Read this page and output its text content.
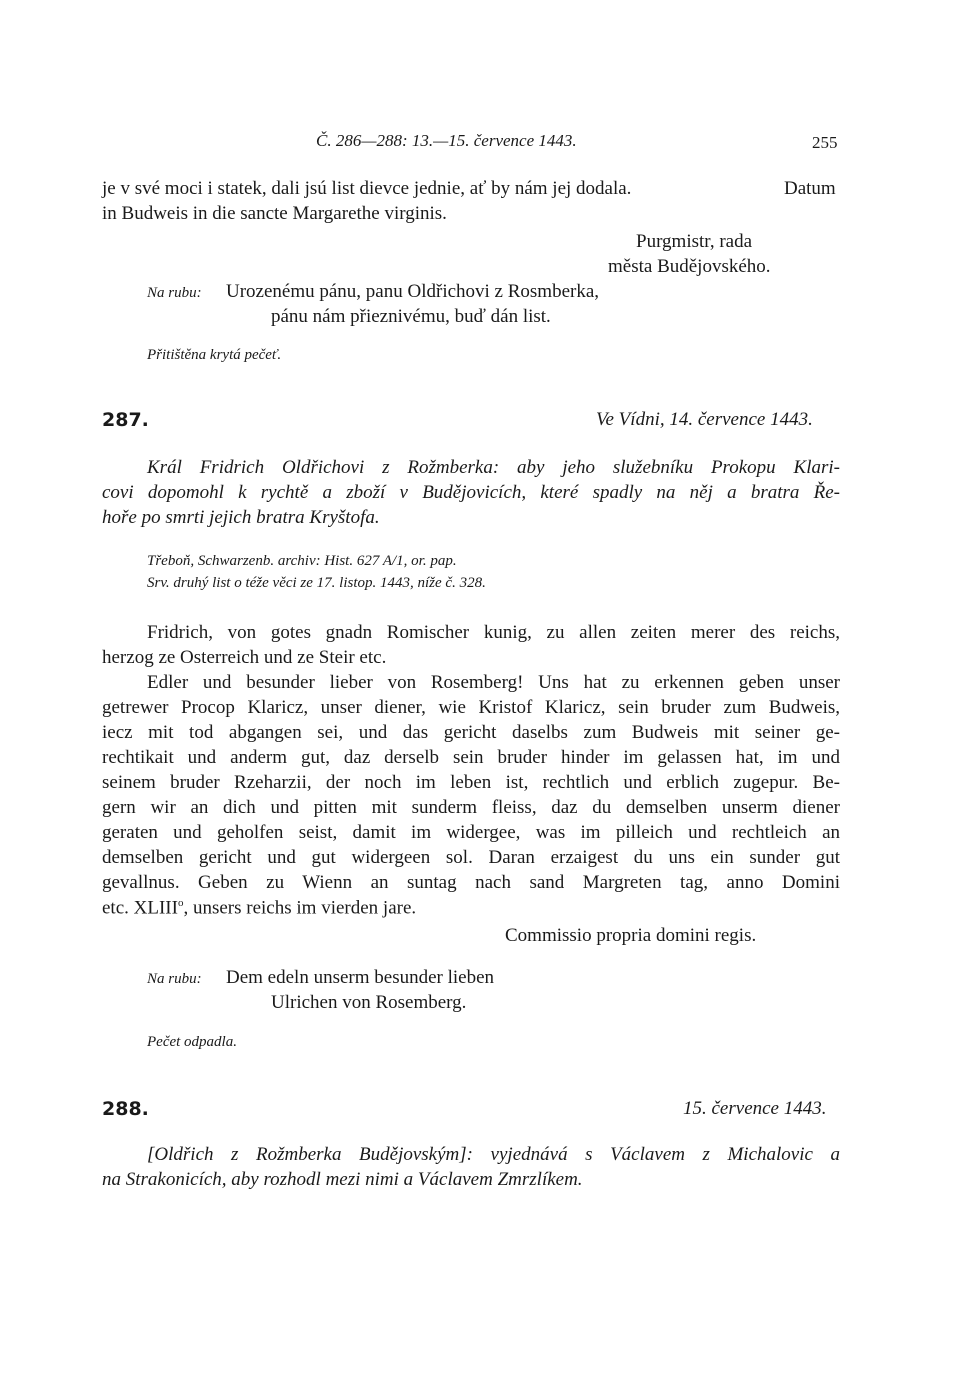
Č. 286—288: 13.—15. července 1443.	255
je v své moci i statek, dali jsú list dievce jednie, ať by nám jej dodala.	Datum
in Budweis in die sancte Margarethe virginis.
Purgmistr, rada
města Budějovského.
Na rubu: Urozenému pánu, panu Oldřichovi z Rosmberka,
pánu nám přieznivému, buď dán list.
Přitištěna krytá pečeť.
287.	Ve Vídni, 14. července 1443.
Král Fridrich Oldřichovi z Rožmberka: aby jeho služebníku Prokopu Klari-
covi dopomohl k rychtě a zboží v Budějovicích, které spadly na něj a bratra Ře-
hoře po smrti jejich bratra Kryštofa.
Třeboň, Schwarzenb. archiv: Hist. 627 A/1, or. pap.
Srv. druhý list o téže věci ze 17. listop. 1443, níže č. 328.
Fridrich, von gotes gnadn Romischer kunig, zu allen zeiten merer des reichs,
herzog ze Osterreich und ze Steir etc.
Edler und besunder lieber von Rosemberg! Uns hat zu erkennen geben unser
getrewer Procop Klaricz, unser diener, wie Kristof Klaricz, sein bruder zum Budweis,
iecz mit tod abgangen sei, und das gericht daselbs zum Budweis mit seiner ge-
rechtikait und anderm gut, daz derselb sein bruder hinder im gelassen hat, im und
seinem bruder Rzeharzii, der noch im leben ist, rechtlich und erblich zugepur. Be-
gern wir an dich und pitten mit sunderm fleiss, daz du demselben unserm diener
geraten und geholfen seist, damit im widergee, was im pilleich und rechtleich an
demselben gericht und gut widergeen sol. Daran erzaigest du uns ein sunder gut
gevallnus. Geben zu Wienn an suntag nach sand Margreten tag, anno Domini
etc. XLIII$^o$, unsers reichs im vierden jare.
Commissio propria domini regis.
Na rubu: Dem edeln unserm besunder lieben
Ulrichen von Rosemberg.
Pečet odpadla.
288.	15. července 1443.
[Oldřich z Rožmberka Budějovským]: vyjednává s Václavem z Michalovic a
na Strakonicích, aby rozhodl mezi nimi a Václavem Zmrzlíkem.
